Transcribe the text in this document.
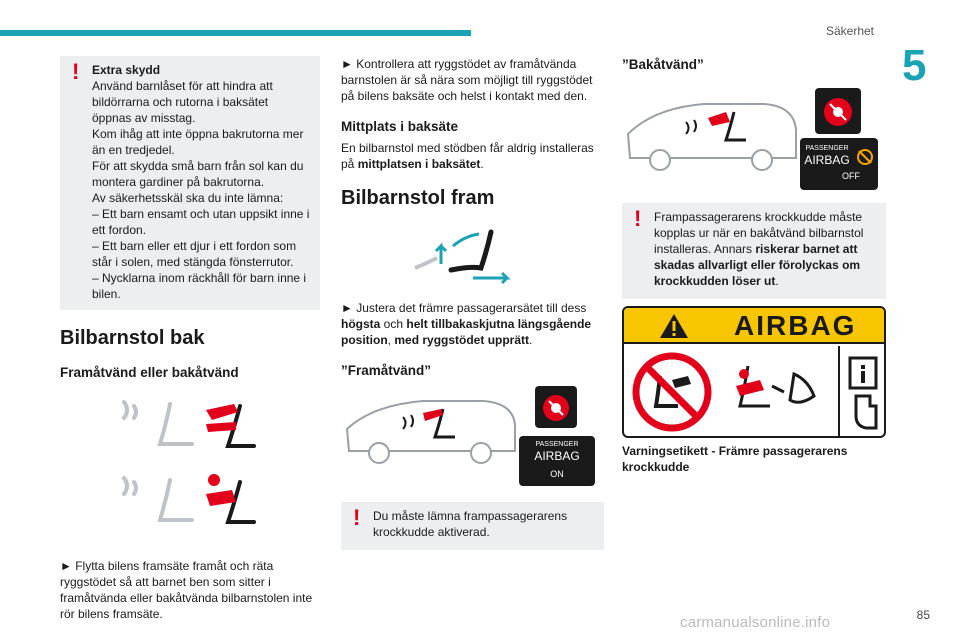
Säkerhet
5
! Extra skydd

Använd barnlåset för att hindra att bildörrarna och rutorna i baksätet öppnas av misstag.

Kom ihåg att inte öppna bakrutorna mer än en tredjedel.

För att skydda små barn från sol kan du montera gardiner på bakrutorna.

Av säkerhetsskäl ska du inte lämna:

– Ett barn ensamt och utan uppsikt inne i ett fordon.

– Ett barn eller ett djur i ett fordon som står i solen, med stängda fönsterrutor.

– Nycklarna inom räckhåll för barn inne i bilen.

Bilbarnstol bak
Framåtvänd eller bakåtvänd

► Flytta bilens framsäte framåt och räta ryggstödet så att barnet ben som sitter i framåtvända eller bakåtvända bilbarnstolen inte rör bilens framsäte.

► Kontrollera att ryggstödet av framåtvända barnstolen är så nära som möjligt till ryggstödet på bilens baksäte och helst i kontakt med den.

Mittplats i baksäte

En bilbarnstol med stödben får aldrig installeras på mittplatsen i baksätet.

Bilbarnstol fram

► Justera det främre passagerarsätet till dess högsta och helt tillbakaskjutna längsgående position, med ryggstödet upprätt.

”Framåtvänd”
PASSENGER
AIRBAG
ON
! Du måste lämna frampassagerarens krockkudde aktiverad.

”Bakåtvänd”
PASSENGER
AIRBAG
OFF
! Frampassagerarens krockkudde måste kopplas ur när en bakåtvänd bilbarnstol installeras. Annars riskerar barnet att skadas allvarligt eller förolyckas om krockkudden löser ut.

AIRBAG
Varningsetikett - Främre passagerarens krockkudde
85
carmanualsonline.info
